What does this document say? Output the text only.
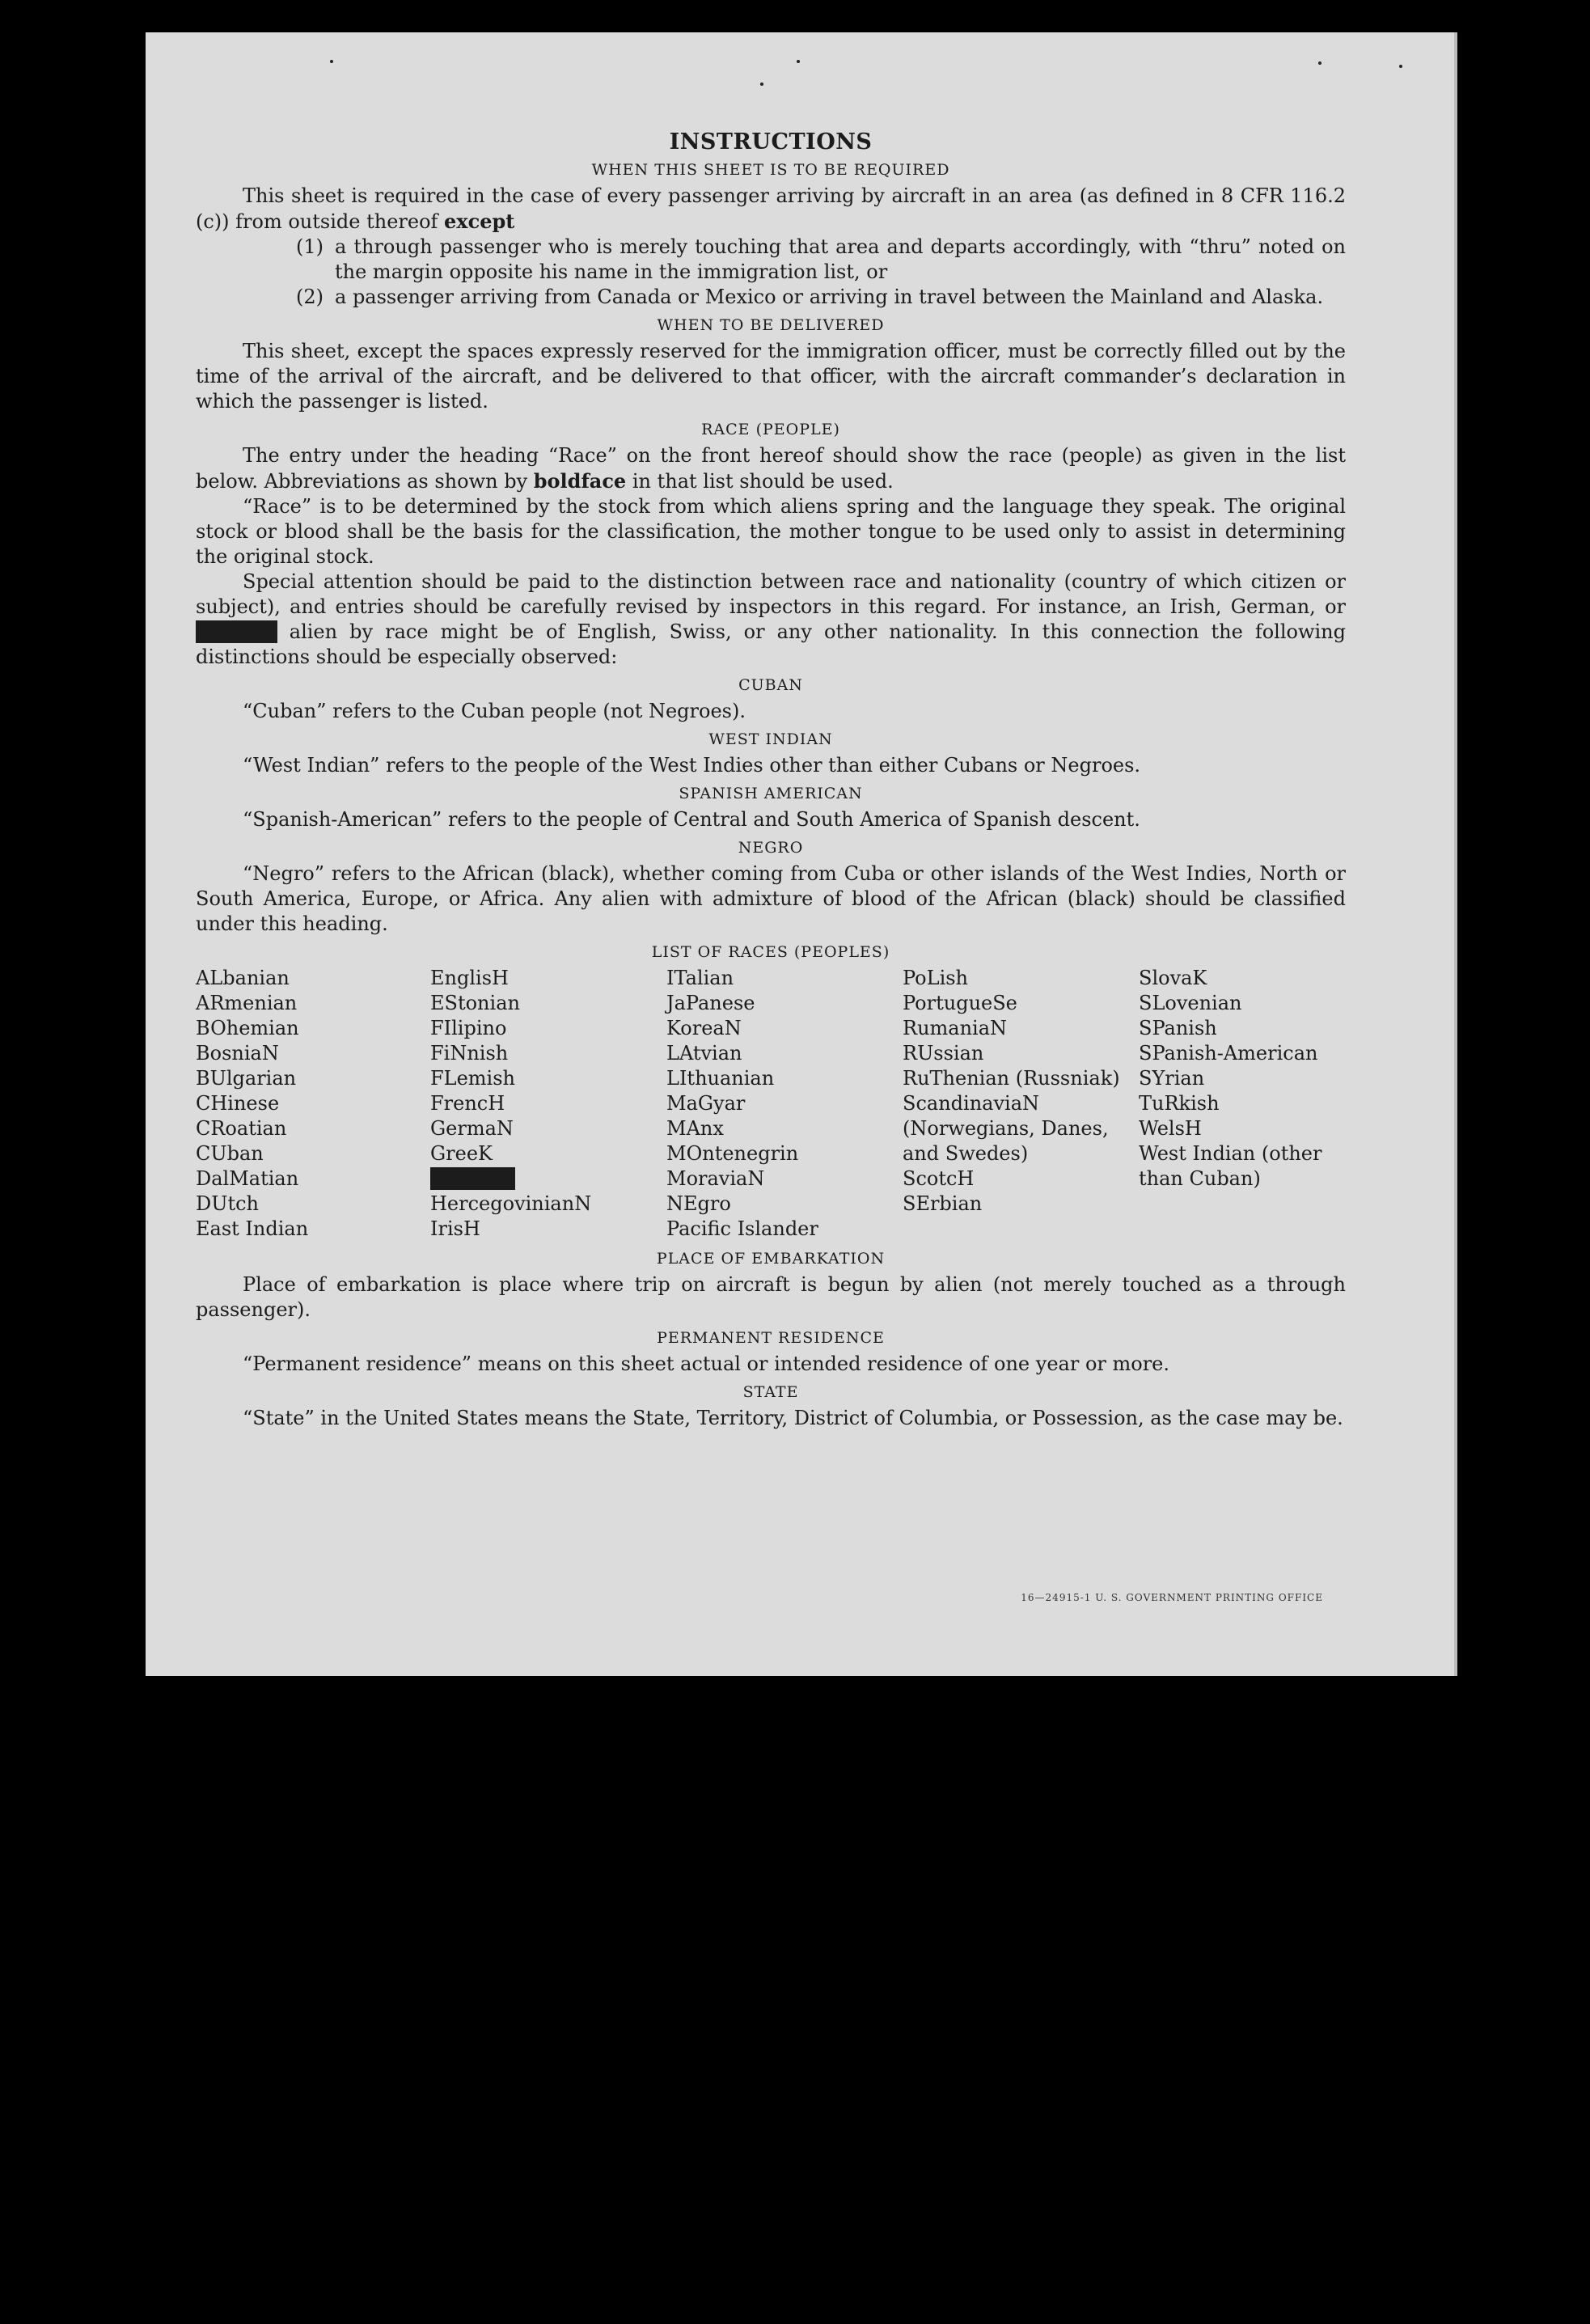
INSTRUCTIONS
WHEN THIS SHEET IS TO BE REQUIRED

This sheet is required in the case of every passenger arriving by aircraft in an area (as defined in 8 CFR 116.2 (c)) from outside thereof except

(1) a through passenger who is merely touching that area and departs accordingly, with “thru” noted on the margin opposite his name in the immigration list, or
(2) a passenger arriving from Canada or Mexico or arriving in travel between the Mainland and Alaska.
WHEN TO BE DELIVERED

This sheet, except the spaces expressly reserved for the immigration officer, must be correctly filled out by the time of the arrival of the aircraft, and be delivered to that officer, with the aircraft commander’s declaration in which the passenger is listed.

RACE (PEOPLE)

The entry under the heading “Race” on the front hereof should show the race (people) as given in the list below. Abbreviations as shown by boldface in that list should be used.

“Race” is to be determined by the stock from which aliens spring and the language they speak. The original stock or blood shall be the basis for the classification, the mother tongue to be used only to assist in determining the original stock.

Special attention should be paid to the distinction between race and nationality (country of which citizen or subject), and entries should be carefully revised by inspectors in this regard. For instance, an Irish, German, or Hebrew alien by race might be of English, Swiss, or any other nationality. In this connection the following distinctions should be especially observed:

CUBAN

“Cuban” refers to the Cuban people (not Negroes).

WEST INDIAN

“West Indian” refers to the people of the West Indies other than either Cubans or Negroes.

SPANISH AMERICAN

“Spanish-American” refers to the people of Central and South America of Spanish descent.

NEGRO

“Negro” refers to the African (black), whether coming from Cuba or other islands of the West Indies, North or South America, Europe, or Africa. Any alien with admixture of blood of the African (black) should be classified under this heading.

LIST OF RACES (PEOPLES)
ALbanian
ARmenian
BOhemian
BosniaN
BUlgarian
CHinese
CRoatian
CUban
DalMatian
DUtch
East Indian
EnglisH
EStonian
FIlipino
FiNnish
FLemish
FrencH
GermaN
GreeK
HebreW
HercegovinianN
IrisH
ITalian
JaPanese
KoreaN
LAtvian
LIthuanian
MaGyar
MAnx
MOntenegrin
MoraviaN
NEgro
Pacific Islander
PoLish
PortugueSe
RumaniaN
RUssian
RuThenian (Russniak)
ScandinaviaN (Norwegians, Danes, and Swedes)
ScotcH
SErbian
SlovaK
SLovenian
SPanish
SPanish-American
SYrian
TuRkish
WelsH
West Indian (other than Cuban)
PLACE OF EMBARKATION

Place of embarkation is place where trip on aircraft is begun by alien (not merely touched as a through passenger).

PERMANENT RESIDENCE

“Permanent residence” means on this sheet actual or intended residence of one year or more.

STATE

“State” in the United States means the State, Territory, District of Columbia, or Possession, as the case may be.

16—24915-1 U. S. GOVERNMENT PRINTING OFFICE
